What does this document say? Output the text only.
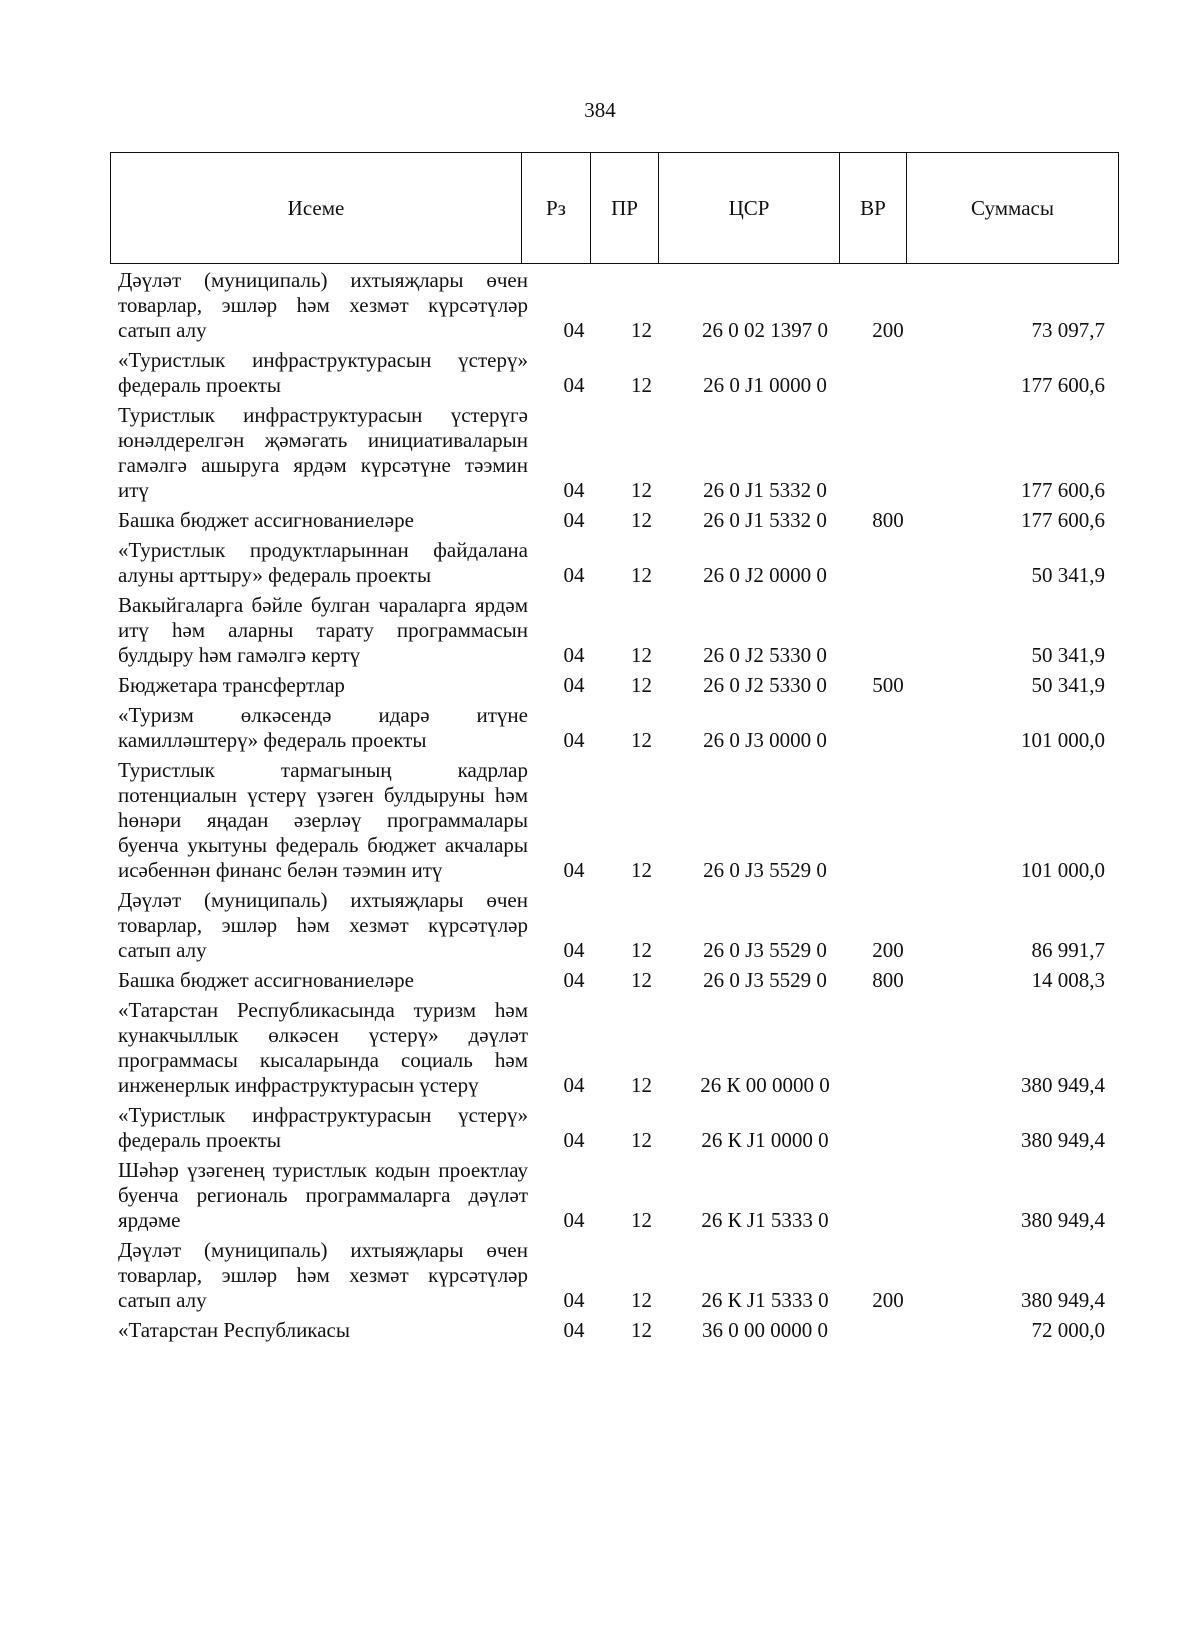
384
Исеме	Рз	ПР	ЦСР	ВР	Суммасы
Дәүләт (муниципаль) ихтыяҗлары өчен товарлар, эшләр һәм хезмәт күрсәтүләр сатып алу	04	12	26 0 02 1397 0	200	73 097,7

«Туристлык инфраструктурасын үстерү» федераль проекты	04	12	26 0 J1 0000 0		177 600,6

Туристлык инфраструктурасын үстерүгә юнәлдерелгән җәмәгать инициативаларын гамәлгә ашыруга ярдәм күрсәтүне тәэмин итү	04	12	26 0 J1 5332 0		177 600,6

Башка бюджет ассигнованиеләре	04	12	26 0 J1 5332 0	800	177 600,6

«Туристлык продуктларыннан файдалана алуны арттыру» федераль проекты	04	12	26 0 J2 0000 0		50 341,9

Вакыйгаларга бәйле булган чараларга ярдәм итү һәм аларны тарату программасын булдыру һәм гамәлгә кертү	04	12	26 0 J2 5330 0		50 341,9

Бюджетара трансфертлар	04	12	26 0 J2 5330 0	500	50 341,9

«Туризм өлкәсендә идарә итүне камилләштерү» федераль проекты	04	12	26 0 J3 0000 0		101 000,0

Туристлык тармагының кадрлар потенциалын үстерү үзәген булдыруны һәм һөнәри яңадан әзерләү программалары буенча укытуны федераль бюджет акчалары исәбеннән финанс белән тәэмин итү	04	12	26 0 J3 5529 0		101 000,0

Дәүләт (муниципаль) ихтыяҗлары өчен товарлар, эшләр һәм хезмәт күрсәтүләр сатып алу	04	12	26 0 J3 5529 0	200	86 991,7

Башка бюджет ассигнованиеләре	04	12	26 0 J3 5529 0	800	14 008,3

«Татарстан Республикасында туризм һәм кунакчыллык өлкәсен үстерү» дәүләт программасы кысаларында социаль һәм инженерлык инфраструктурасын үстерү	04	12	26 К 00 0000 0		380 949,4

«Туристлык инфраструктурасын үстерү» федераль проекты	04	12	26 К J1 0000 0		380 949,4

Шәһәр үзәгенең туристлык кодын проектлау буенча региональ программаларга дәүләт ярдәме	04	12	26 К J1 5333 0		380 949,4

Дәүләт (муниципаль) ихтыяҗлары өчен товарлар, эшләр һәм хезмәт күрсәтүләр сатып алу	04	12	26 К J1 5333 0	200	380 949,4

«Татарстан Республикасы	04	12	36 0 00 0000 0		72 000,0
